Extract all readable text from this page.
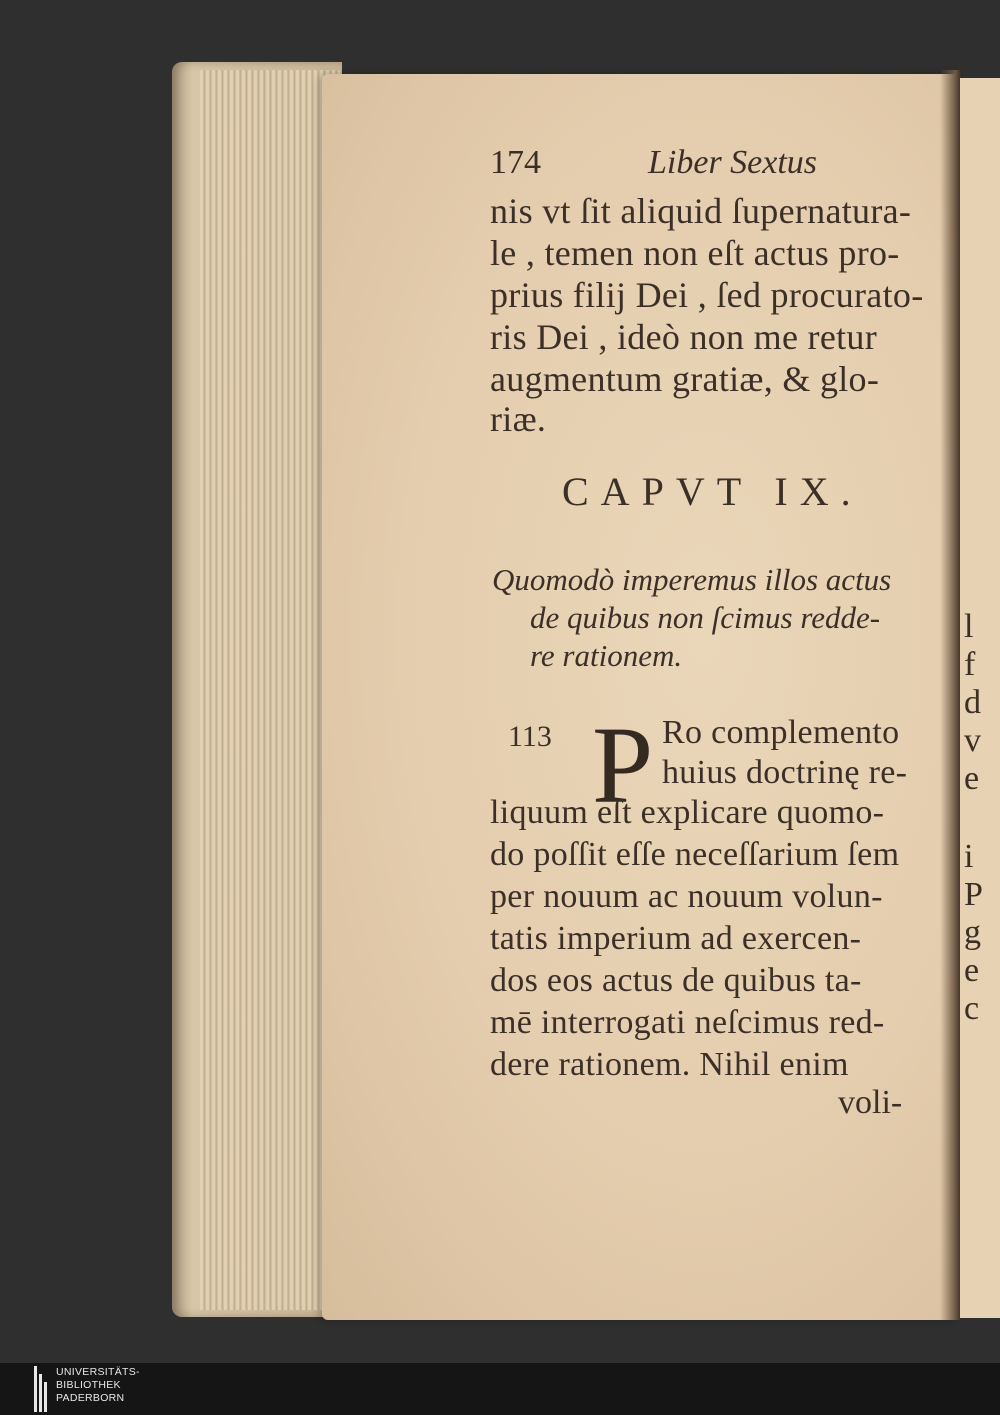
l
f
d
v
e
i
P
g
e
c
174	Liber Sextus
nis vt ſit aliquid ſupernatura-
le , temen non eſt actus pro-
prius filij Dei , ſed procurato-
ris Dei , ideò non me retur
augmentum gratiæ, & glo-
riæ.
CAPVT IX.
Quomodò imperemus illos actus
de quibus non ſcimus redde-
re rationem.
113 P Ro complemento
huius doctrinę re-
liquum eſt explicare quomo-
do poſſit eſſe neceſſarium ſem
per nouum ac nouum volun-
tatis imperium ad exercen-
dos eos actus de quibus ta-
mē interrogati neſcimus red-
dere rationem. Nihil enim
voli-
UNIVERSITÄTS-
BIBLIOTHEK
PADERBORN
